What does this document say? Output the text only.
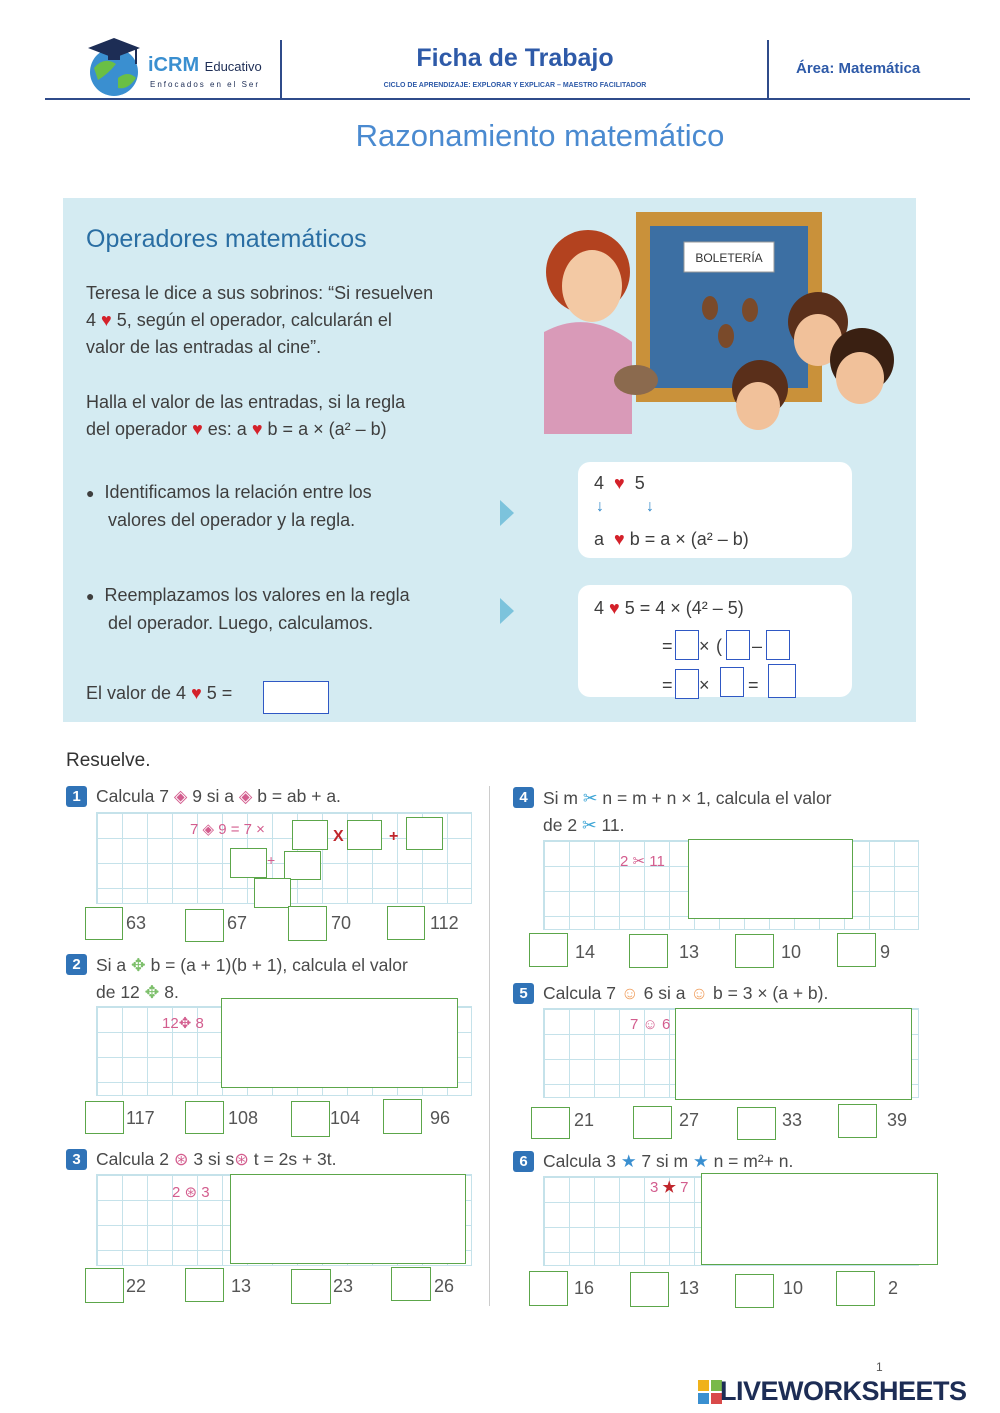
iCRM Educativo
Enfocados en el Ser
Ficha de Trabajo
CICLO DE APRENDIZAJE: EXPLORAR Y EXPLICAR – MAESTRO FACILITADOR
Área: Matemática
Razonamiento matemático
Operadores matemáticos
Teresa le dice a sus sobrinos: “Si resuelven
4 ♥ 5, según el operador, calcularán el
valor de las entradas al cine”.
Halla el valor de las entradas, si la regla
del operador ♥ es: a ♥ b = a × (a² – b)
BOLETERÍA
● Identificamos la relación entre los
valores del operador y la regla.
● Reemplazamos los valores en la regla
del operador. Luego, calculamos.
4 ♥ 5
↓	↓
a ♥ b = a × (a² – b)
4 ♥ 5 = 4 × (4² – 5)
= × ( –
= × =
El valor de 4 ♥ 5 =
Resuelve.
1 Calcula 7 ◈ 9 si a ◈ b = ab + a.
7 ◈ 9 = 7 ×	X	+
+
63	67	70	112
2 Si a ✥ b = (a + 1)(b + 1), calcula el valor
de 12 ✥ 8.
12✥ 8
117	108	104	96
3 Calcula 2 ⊛ 3 si s⊛ t = 2s + 3t.
2 ⊛ 3
22	13	23	26
4 Si m ✂ n = m + n × 1, calcula el valor
de 2 ✂ 11.
2 ✂ 11
14	13	10	9
5 Calcula 7 ☺ 6 si a ☺ b = 3 × (a + b).
7 ☺ 6
21	27	33	39
6 Calcula 3 ★ 7 si m ★ n = m²+ n.
3 ★ 7
16	13	10	2
1
LIVEWORKSHEETS
